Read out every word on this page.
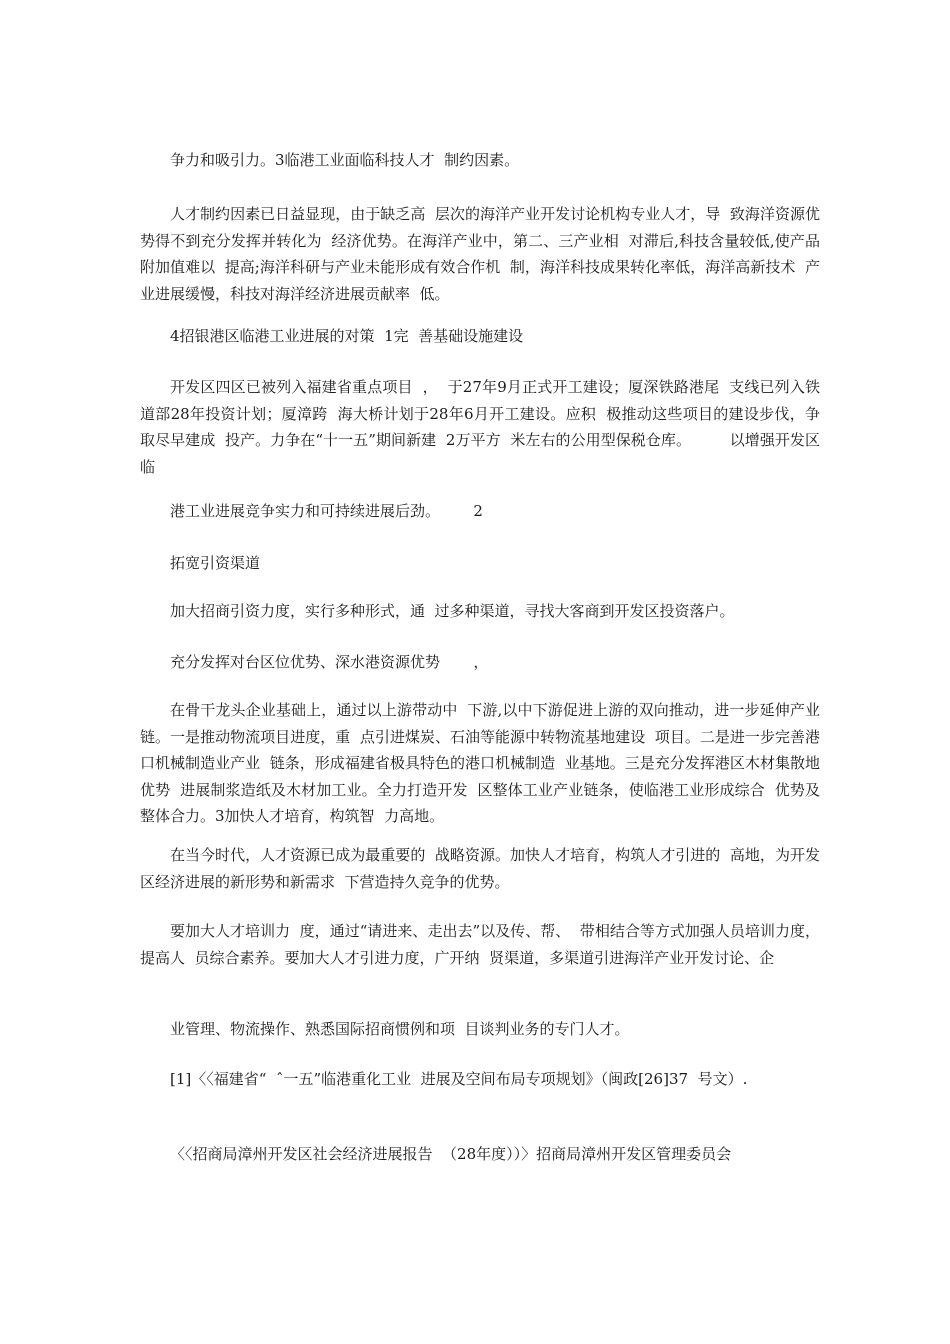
争力和吸引力。3临港工业面临科技人才  制约因素。

人才制约因素已日益显现，由于缺乏高  层次的海洋产业开发讨论机构专业人才，导  致海洋资源优势得不到充分发挥并转化为  经济优势。在海洋产业中，第二、三产业相  对滞后,科技含量较低,使产品附加值难以  提高;海洋科研与产业未能形成有效合作机  制，海洋科技成果转化率低，海洋高新技术  产业进展缓慢，科技对海洋经济进展贡献率  低。

4招银港区临港工业进展的对策  1完  善基础设施建设

开发区四区已被列入福建省重点项目  ，  于27年9月正式开工建设；厦深铁路港尾  支线已列入铁道部28年投资计划；厦漳跨  海大桥计划于28年6月开工建设。应积  极推动这些项目的建设步伐，争取尽早建成  投产。力争在“十一五”期间新建  2万平方  米左右的公用型保税仓库。        以增强开发区临

港工业进展竞争实力和可持续进展后劲。       2

拓宽引资渠道

加大招商引资力度，实行多种形式，通  过多种渠道，寻找大客商到开发区投资落户。

充分发挥对台区位优势、深水港资源优势       ，

在骨干龙头企业基础上，通过以上游带动中  下游,以中下游促进上游的双向推动，进一步延伸产业链。一是推动物流项目进度，重  点引进煤炭、石油等能源中转物流基地建设  项目。二是进一步完善港口机械制造业产业  链条，形成福建省极具特色的港口机械制造  业基地。三是充分发挥港区木材集散地优势  进展制浆造纸及木材加工业。全力打造开发  区整体工业产业链条，使临港工业形成综合  优势及整体合力。3加快人才培育，构筑智  力高地。

在当今时代，人才资源已成为最重要的  战略资源。加快人才培育，构筑人才引进的  高地，为开发区经济进展的新形势和新需求  下营造持久竞争的优势。

要加大人才培训力  度，通过“请进来、走出去”以及传、帮、  带相结合等方式加强人员培训力度，提高人  员综合素养。要加大人才引进力度，广开纳  贤渠道，多渠道引进海洋产业开发讨论、企

业管理、物流操作、熟悉国际招商惯例和项  目谈判业务的专门人才。

[1]〈〈福建省“  ˆ一五”临港重化工业  进展及空间布局专项规划》（闽政[26]37  号文）.

〈〈招商局漳州开发区社会经济进展报告  （28年度））〉招商局漳州开发区管理委员会
